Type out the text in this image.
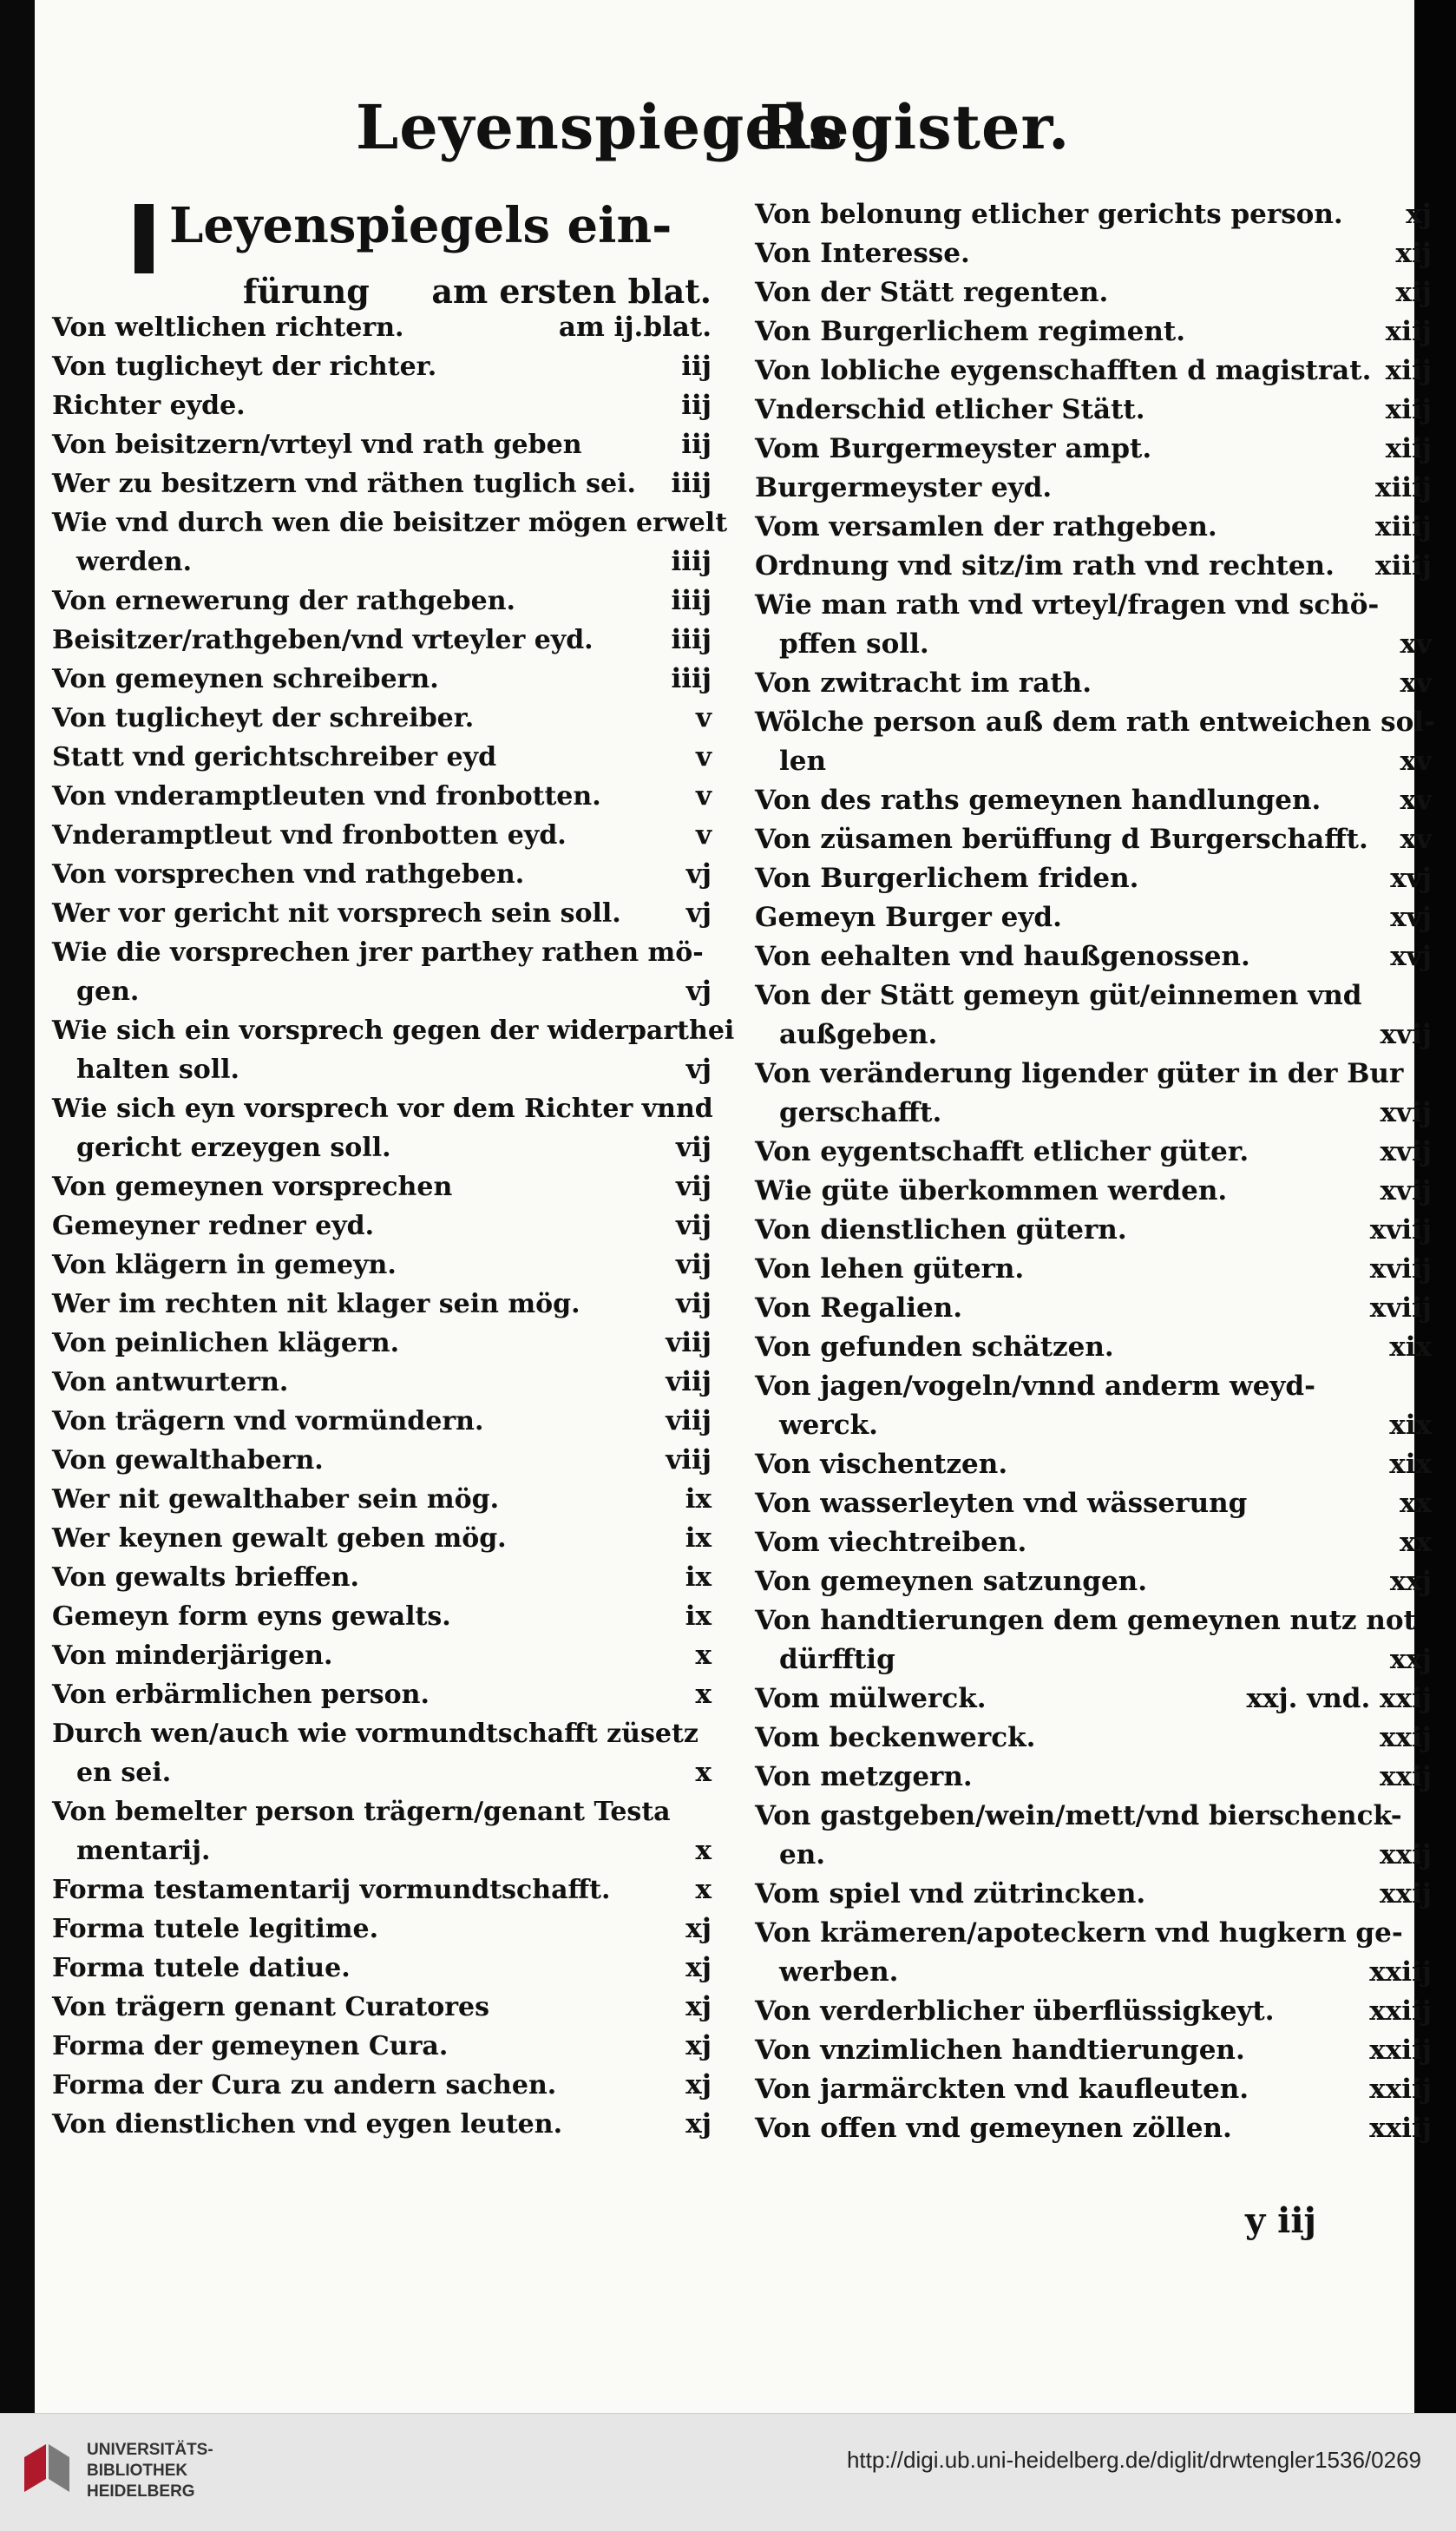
Leyenspiegels
Register.
Leyenspiegels ein-
fürung am ersten blat.
Von weltlichen richtern.	am ij.blat.
Von tuglicheyt der richter.	iij
Richter eyde.	iij
Von beisitzern/vrteyl vnd rath geben	iij
Wer zu besitzern vnd räthen tuglich sei.	iiij
Wie vnd durch wen die beisitzer mögen erwelt
werden.	iiij
Von ernewerung der rathgeben.	iiij
Beisitzer/rathgeben/vnd vrteyler eyd.	iiij
Von gemeynen schreibern.	iiij
Von tuglicheyt der schreiber.	v
Statt vnd gerichtschreiber eyd	v
Von vnderamptleuten vnd fronbotten.	v
Vnderamptleut vnd fronbotten eyd.	v
Von vorsprechen vnd rathgeben.	vj
Wer vor gericht nit vorsprech sein soll.	vj
Wie die vorsprechen jrer parthey rathen mö-
gen.	vj
Wie sich ein vorsprech gegen der widerparthei
halten soll.	vj
Wie sich eyn vorsprech vor dem Richter vnnd
gericht erzeygen soll.	vij
Von gemeynen vorsprechen	vij
Gemeyner redner eyd.	vij
Von klägern in gemeyn.	vij
Wer im rechten nit klager sein mög.	vij
Von peinlichen klägern.	viij
Von antwurtern.	viij
Von trägern vnd vormündern.	viij
Von gewalthabern.	viij
Wer nit gewalthaber sein mög.	ix
Wer keynen gewalt geben mög.	ix
Von gewalts brieffen.	ix
Gemeyn form eyns gewalts.	ix
Von minderjärigen.	x
Von erbärmlichen person.	x
Durch wen/auch wie vormundtschafft züsetz
en sei.	x
Von bemelter person trägern/genant Testa
mentarij.	x
Forma testamentarij vormundtschafft.	x
Forma tutele legitime.	xj
Forma tutele datiue.	xj
Von trägern genant Curatores	xj
Forma der gemeynen Cura.	xj
Forma der Cura zu andern sachen.	xj
Von dienstlichen vnd eygen leuten.	xj
Von belonung etlicher gerichts person.	xj
Von Interesse.	xij
Von der Stätt regenten.	xij
Von Burgerlichem regiment.	xiij
Von lobliche eygenschafften d magistrat. xiij
Vnderschid etlicher Stätt.	xiij
Vom Burgermeyster ampt.	xiij
Burgermeyster eyd.	xiiij
Vom versamlen der rathgeben.	xiiij
Ordnung vnd sitz/im rath vnd rechten.	xiiij
Wie man rath vnd vrteyl/fragen vnd schö-
pffen soll.	xv
Von zwitracht im rath.	xv
Wölche person auß dem rath entweichen sol-
len	xv
Von des raths gemeynen handlungen.	xv
Von züsamen berüffung d Burgerschafft.	xv
Von Burgerlichem friden.	xvj
Gemeyn Burger eyd.	xvj
Von eehalten vnd haußgenossen.	xvj
Von der Stätt gemeyn güt/einnemen vnd
außgeben.	xvij
Von veränderung ligender güter in der Bur
gerschafft.	xvij
Von eygentschafft etlicher güter.	xvij
Wie güte überkommen werden.	xvij
Von dienstlichen gütern.	xviij
Von lehen gütern.	xviij
Von Regalien.	xviij
Von gefunden schätzen.	xix
Von jagen/vogeln/vnnd anderm weyd-
werck.	xix
Von vischentzen.	xix
Von wasserleyten vnd wässerung	xx
Vom viechtreiben.	xx
Von gemeynen satzungen.	xxj
Von handtierungen dem gemeynen nutz not
dürfftig	xxj
Vom mülwerck.	xxj. vnd. xxij
Vom beckenwerck.	xxij
Von metzgern.	xxij
Von gastgeben/wein/mett/vnd bierschenck-
en.	xxij
Vom spiel vnd zütrincken.	xxij
Von krämeren/apoteckern vnd hugkern ge-
werben.	xxiij
Von verderblicher überflüssigkeyt.	xxiij
Von vnzimlichen handtierungen.	xxiij
Von jarmärckten vnd kaufleuten.	xxiij
Von offen vnd gemeynen zöllen.	xxiij
y iij
UNIVERSITÄTS-
BIBLIOTHEK
HEIDELBERG
http://digi.ub.uni-heidelberg.de/diglit/drwtengler1536/0269
